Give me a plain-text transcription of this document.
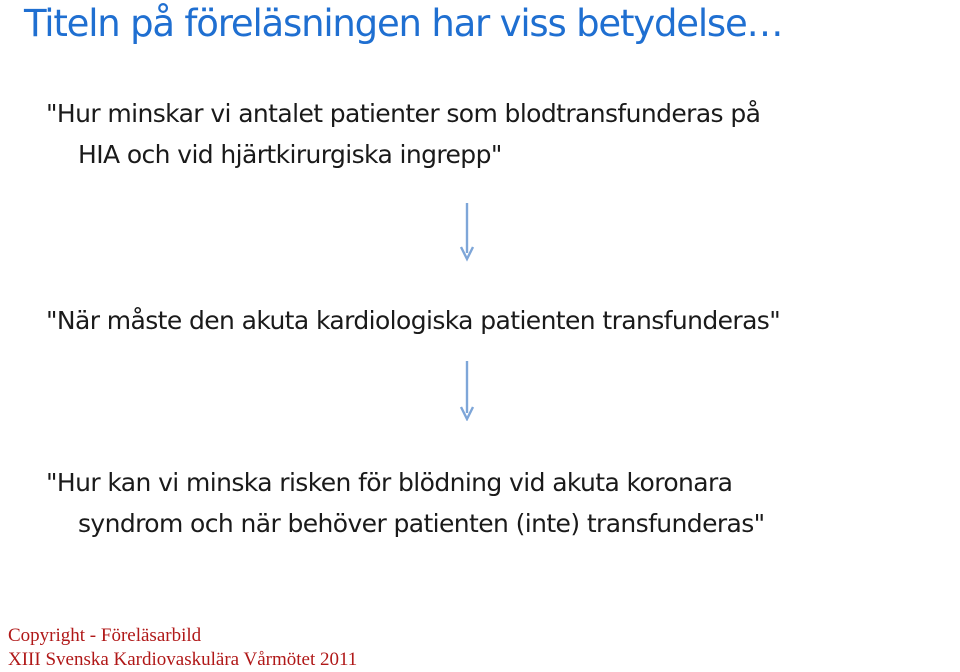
Titeln på föreläsningen har viss betydelse…

"Hur minskar vi antalet patienter som blodtransfunderas på
HIA och vid hjärtkirurgiska ingrepp"

"När måste den akuta kardiologiska patienten transfunderas"

"Hur kan vi minska risken för blödning vid akuta koronara
syndrom och när behöver patienten (inte) transfunderas"

Copyright - Föreläsarbild
XIII Svenska Kardiovaskulära Vårmötet 2011
